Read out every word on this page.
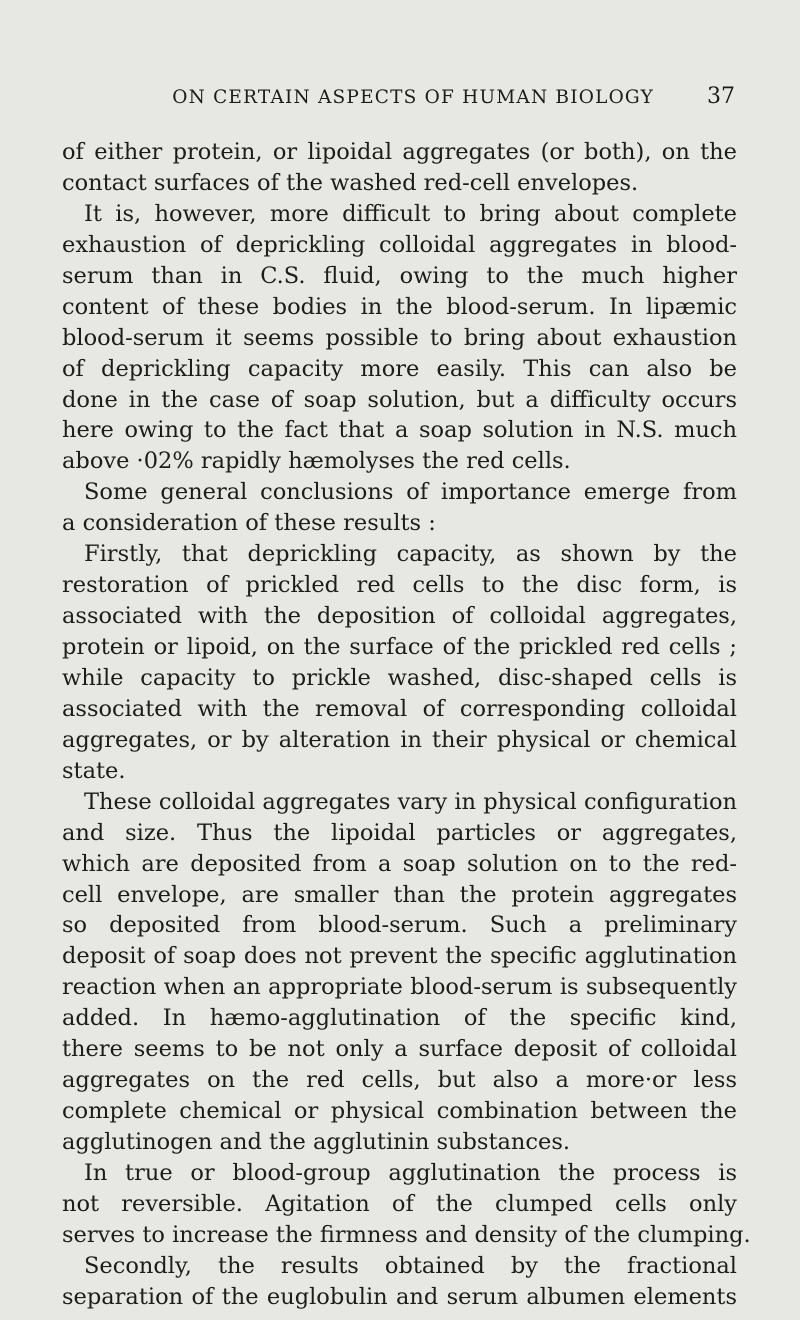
ON CERTAIN ASPECTS OF HUMAN BIOLOGY 37
of either protein, or lipoidal aggregates (or both), on the
contact surfaces of the washed red-cell envelopes.
It is, however, more difficult to bring about complete
exhaustion of deprickling colloidal aggregates in blood-
serum than in C.S. fluid, owing to the much higher
content of these bodies in the blood-serum. In lipæmic
blood-serum it seems possible to bring about exhaustion
of deprickling capacity more easily. This can also be
done in the case of soap solution, but a difficulty occurs
here owing to the fact that a soap solution in N.S. much
above ·02% rapidly hæmolyses the red cells.
Some general conclusions of importance emerge from
a consideration of these results :
Firstly, that deprickling capacity, as shown by the
restoration of prickled red cells to the disc form, is
associated with the deposition of colloidal aggregates,
protein or lipoid, on the surface of the prickled red cells ;
while capacity to prickle washed, disc-shaped cells is
associated with the removal of corresponding colloidal
aggregates, or by alteration in their physical or chemical
state.
These colloidal aggregates vary in physical configuration
and size. Thus the lipoidal particles or aggregates,
which are deposited from a soap solution on to the red-
cell envelope, are smaller than the protein aggregates
so deposited from blood-serum. Such a preliminary
deposit of soap does not prevent the specific agglutination
reaction when an appropriate blood-serum is subsequently
added. In hæmo-agglutination of the specific kind,
there seems to be not only a surface deposit of colloidal
aggregates on the red cells, but also a more·or less
complete chemical or physical combination between the
agglutinogen and the agglutinin substances.
In true or blood-group agglutination the process is
not reversible. Agitation of the clumped cells only
serves to increase the firmness and density of the clumping.
Secondly, the results obtained by the fractional
separation of the euglobulin and serum albumen elements
